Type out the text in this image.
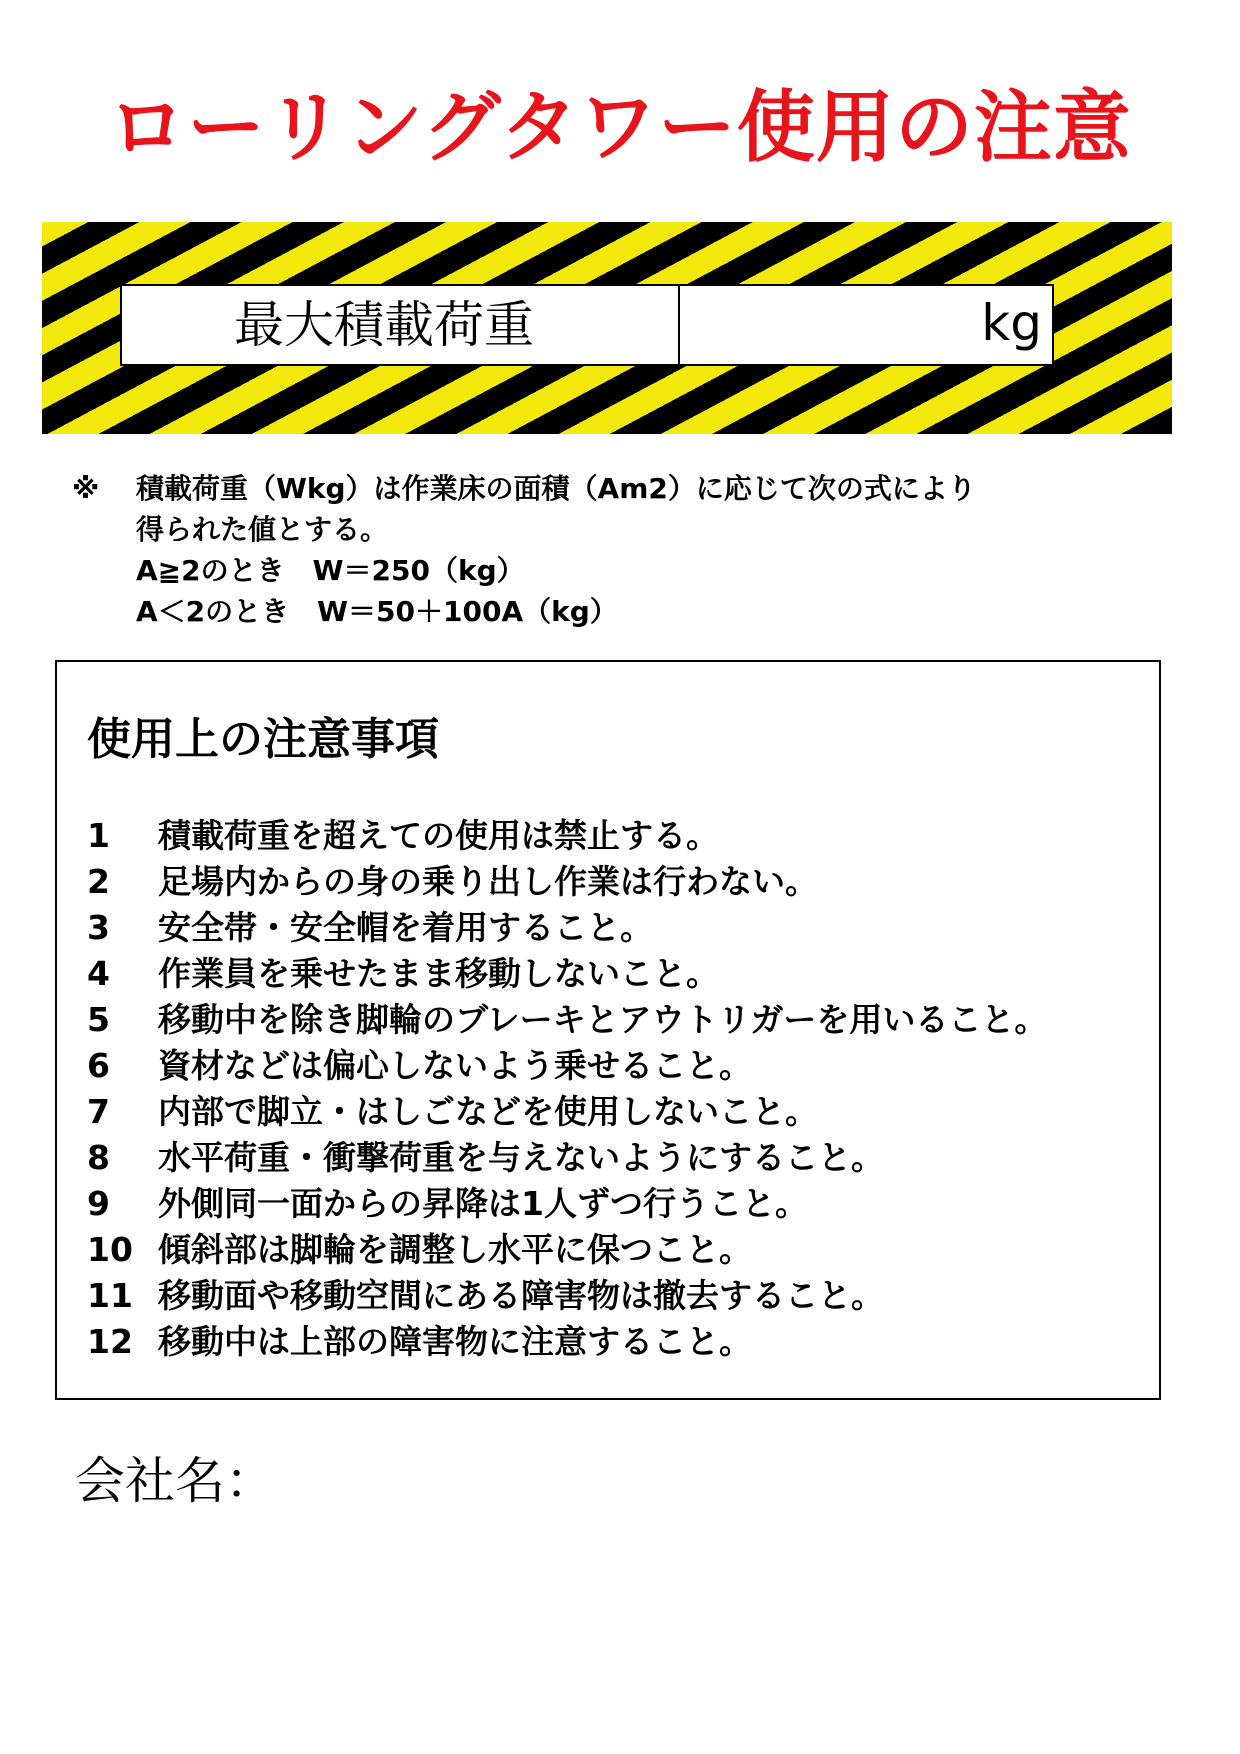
ローリングタワー使用の注意
最大積載荷重	kg
※	積載荷重（Wkg）は作業床の面積（Am2）に応じて次の式により
得られた値とする。
A≧2のとき　W＝250（kg）
A＜2のとき　W＝50＋100A（kg）
使用上の注意事項
1	積載荷重を超えての使用は禁止する。
2	足場内からの身の乗り出し作業は行わない。
3	安全帯・安全帽を着用すること。
4	作業員を乗せたまま移動しないこと。
5	移動中を除き脚輪のブレーキとアウトリガーを用いること。
6	資材などは偏心しないよう乗せること。
7	内部で脚立・はしごなどを使用しないこと。
8	水平荷重・衝撃荷重を与えないようにすること。
9	外側同一面からの昇降は1人ずつ行うこと。
10 傾斜部は脚輪を調整し水平に保つこと。
11 移動面や移動空間にある障害物は撤去すること。
12 移動中は上部の障害物に注意すること。
会社名：
